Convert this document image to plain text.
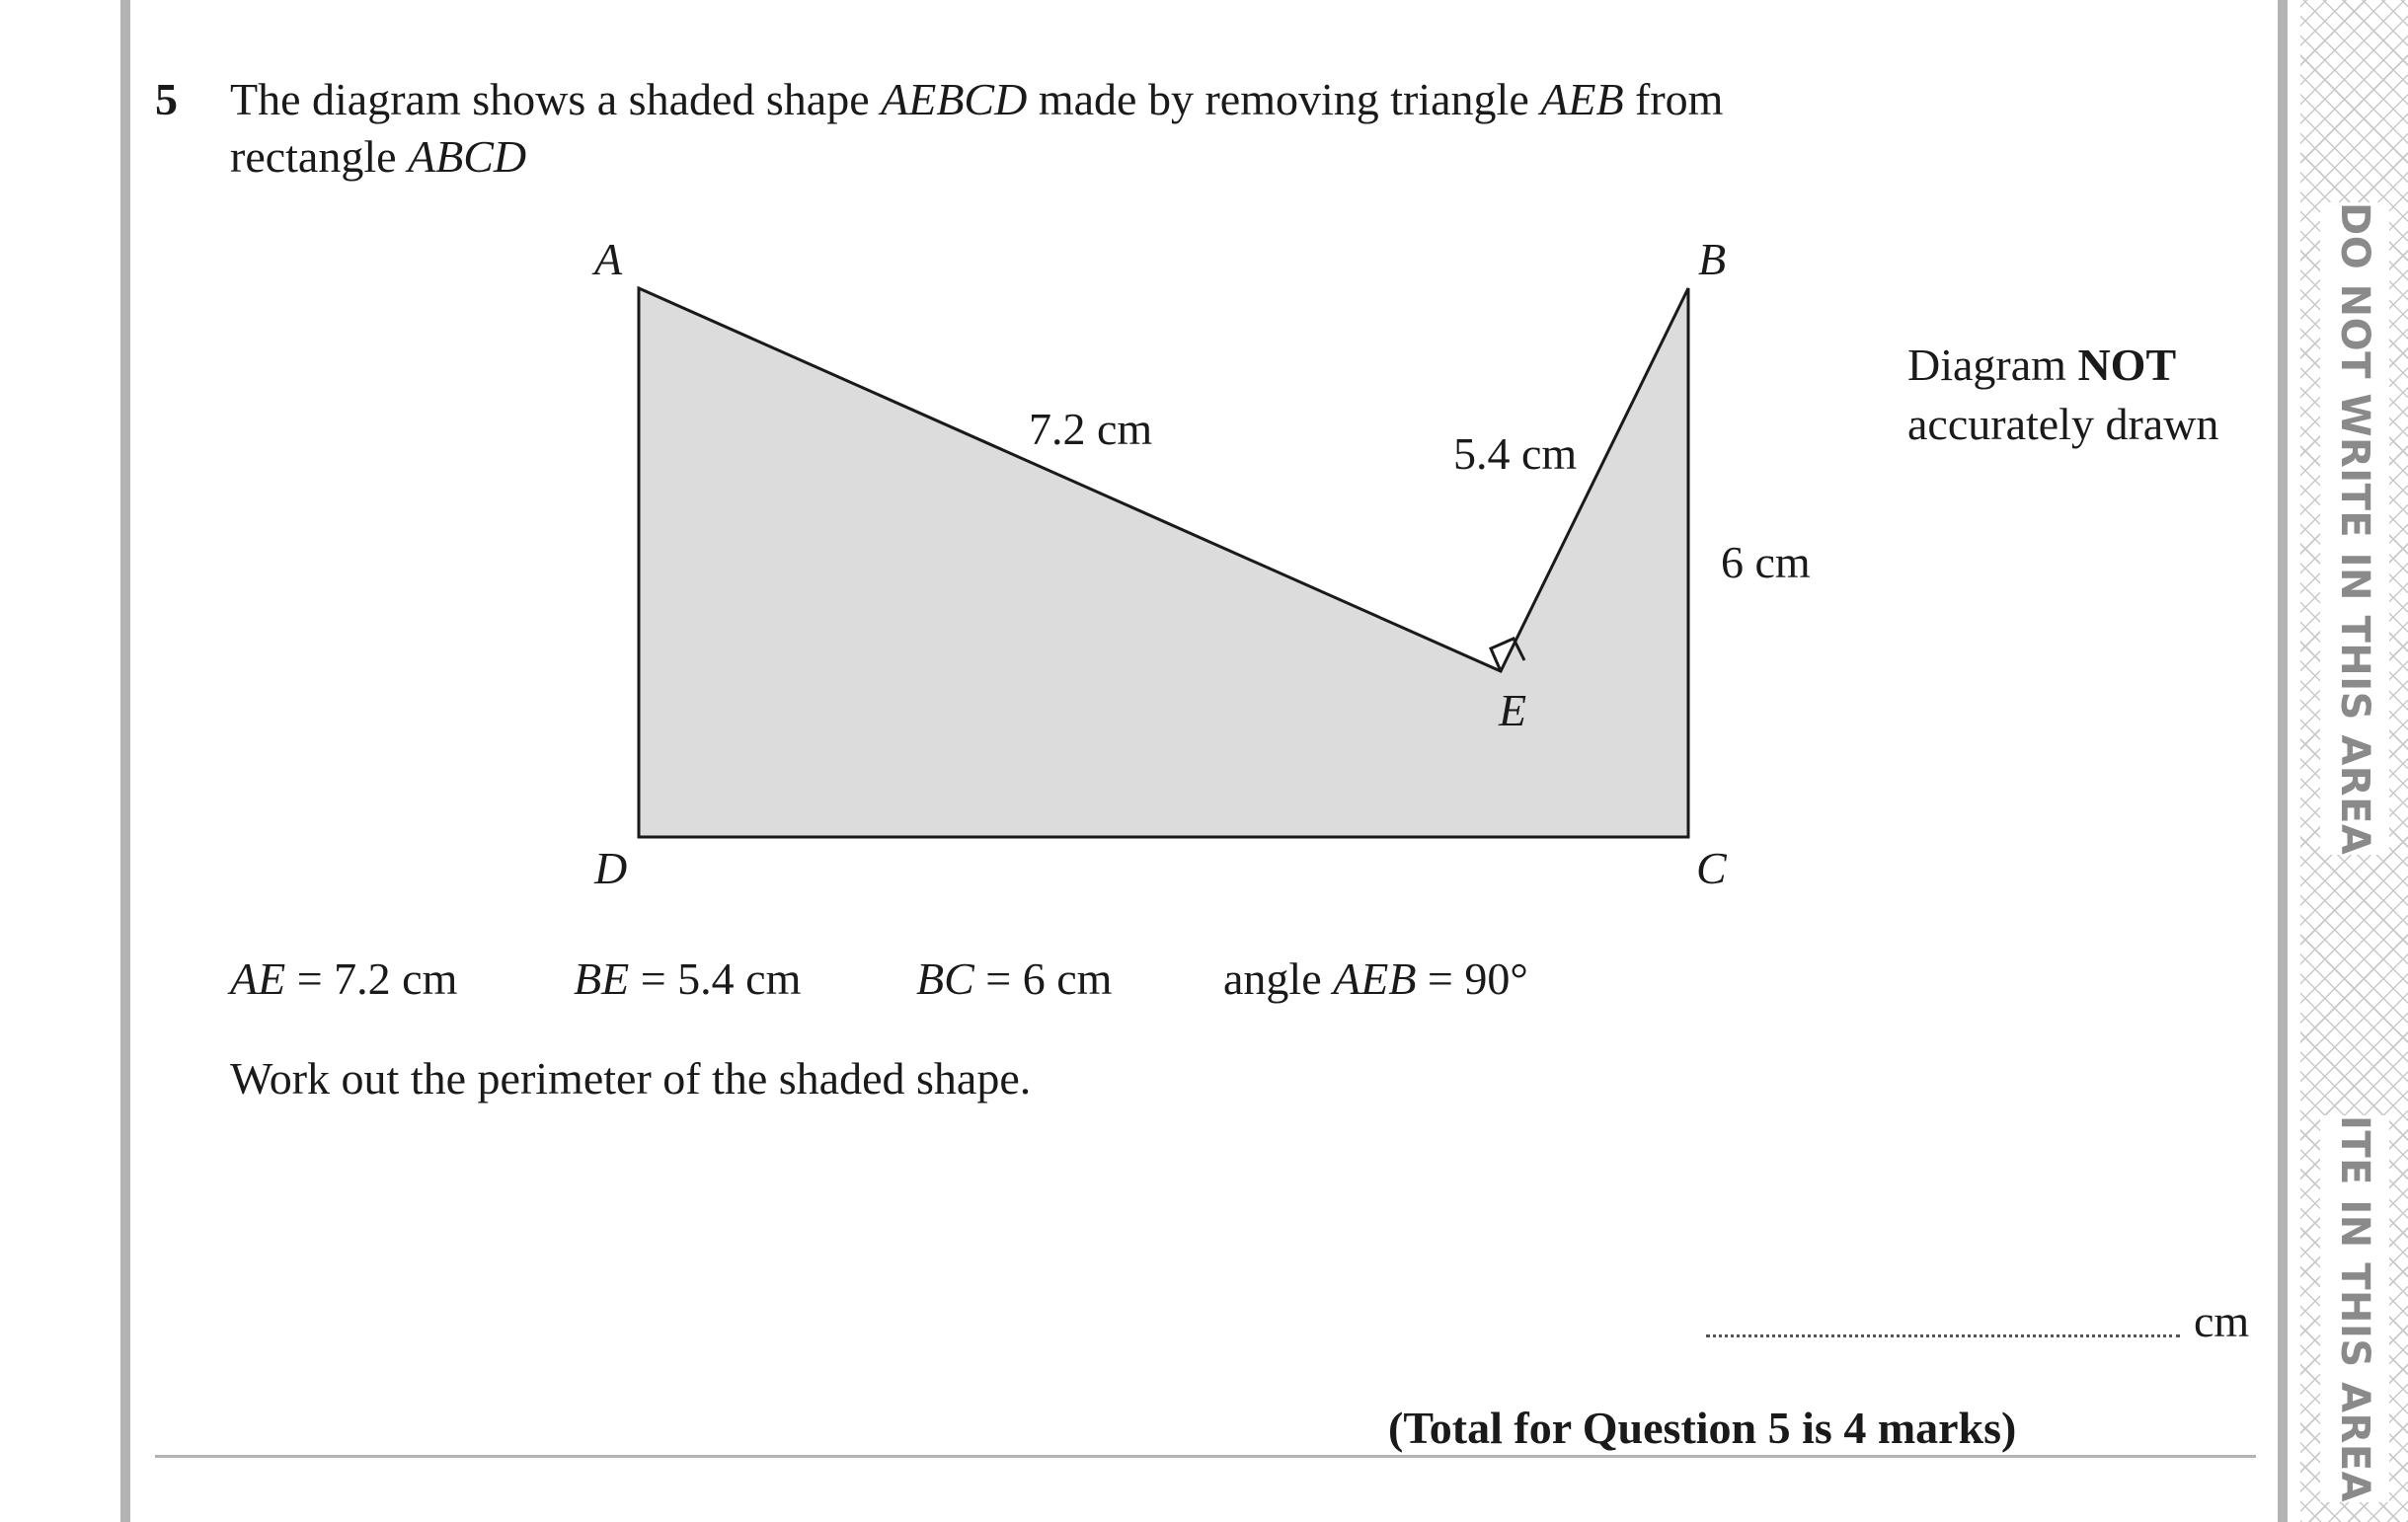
DO NOT WRITE IN THIS AREA
ITE IN THIS AREA
5 The diagram shows a shaded shape AEBCD made by removing triangle AEB from
rectangle ABCD
A	B
C
D
E
7.2 cm	5.4 cm
6 cm
Diagram NOT
accurately drawn
AE = 7.2 cm	BE = 5.4 cm	BC = 6 cm angle AEB = 90°
Work out the perimeter of the shaded shape.
cm
(Total for Question 5 is 4 marks)
